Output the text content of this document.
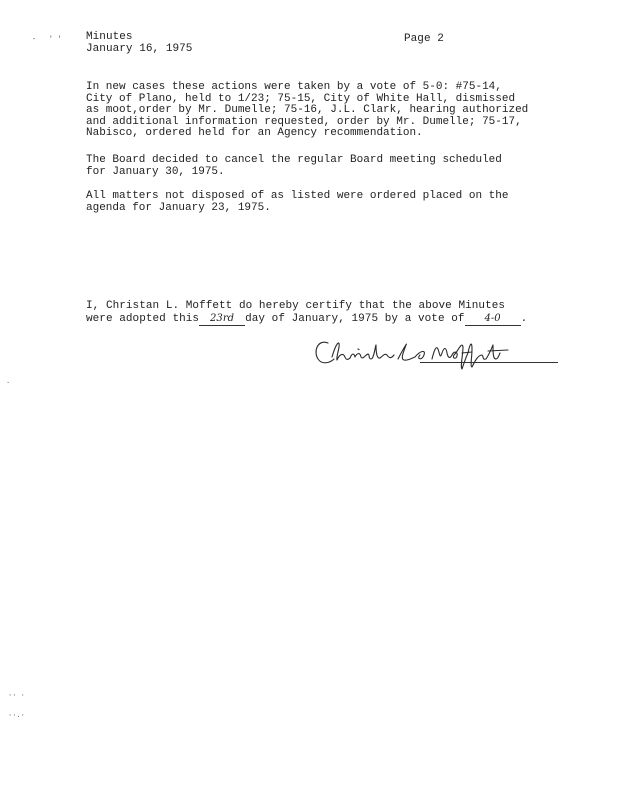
-   ' ' Minutes
January 16, 1975
Page 2
In new cases these actions were taken by a vote of 5-0: #75-14,
City of Plano, held to 1/23; 75-15, City of White Hall, dismissed
as moot,order by Mr. Dumelle; 75-16, J.L. Clark, hearing authorized
and additional information requested, order by Mr. Dumelle; 75-17,
Nabisco, ordered held for an Agency recommendation.
The Board decided to cancel the regular Board meeting scheduled
for January 30, 1975.
All matters not disposed of as listed were ordered placed on the
agenda for January 23, 1975.
I, Christan L. Moffett do hereby certify that the above Minutes
were adopted this 23rd day of January, 1975 by a vote of 4-0 .
.
·· ·
··.·
